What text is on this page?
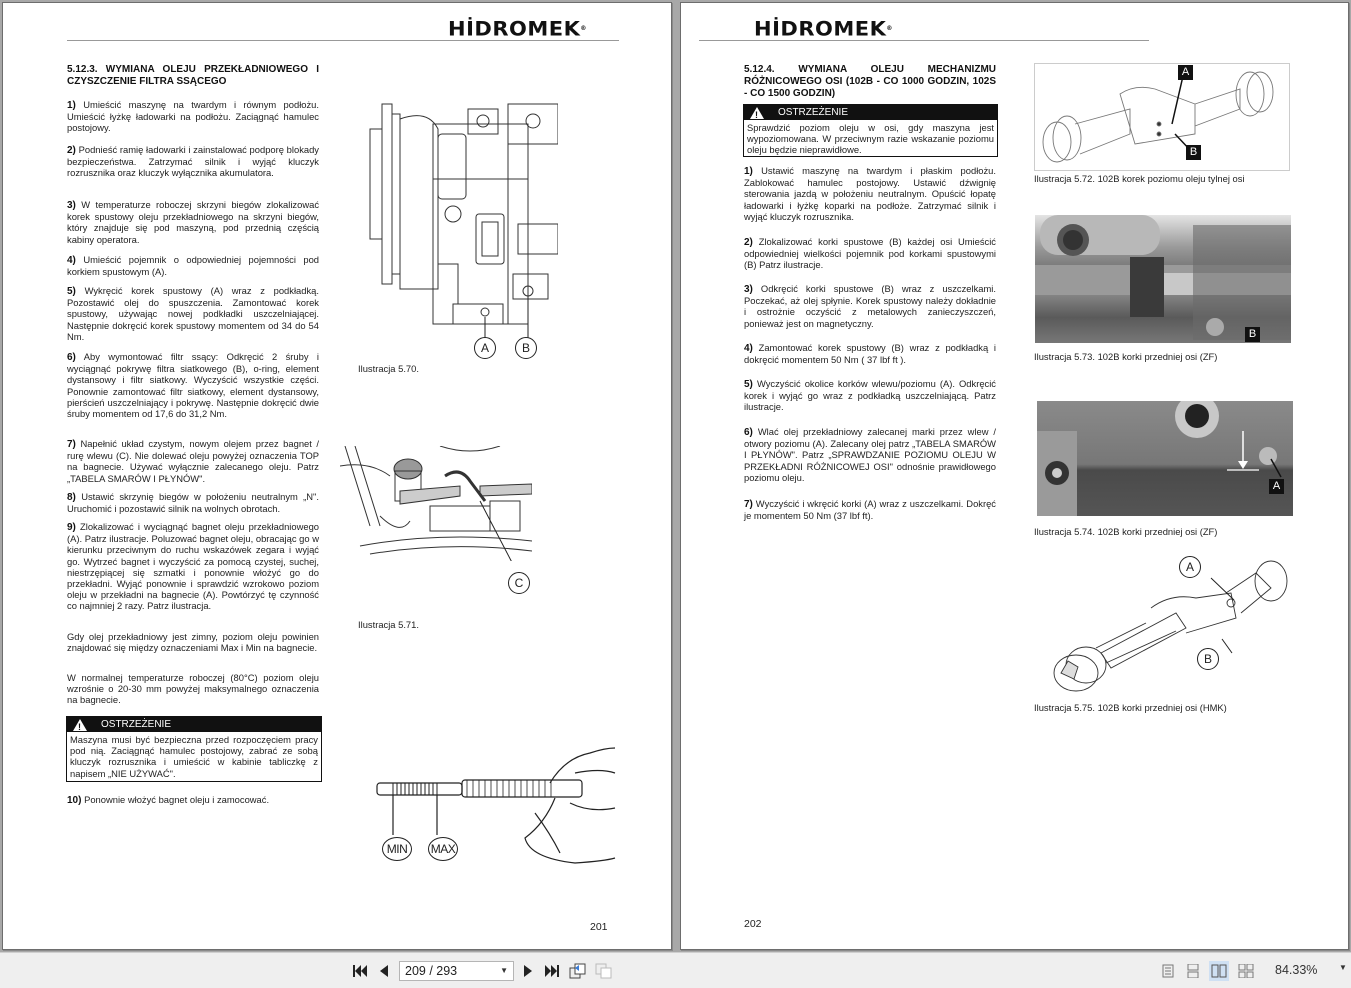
HİDROMEK®
5.12.3. WYMIANA OLEJU PRZEKŁADNIOWEGO I CZYSZCZENIE FILTRA SSĄCEGO
1) Umieścić maszynę na twardym i równym podłożu. Umieścić łyżkę ładowarki na podłożu. Zaciągnąć hamulec postojowy.
2) Podnieść ramię ładowarki i zainstalować podporę blokady bezpieczeństwa. Zatrzymać silnik i wyjąć kluczyk rozrusznika oraz kluczyk wyłącznika akumulatora.
3) W temperaturze roboczej skrzyni biegów zlokalizować korek spustowy oleju przekładniowego na skrzyni biegów, który znajduje się pod maszyną, pod przednią częścią kabiny operatora.
4) Umieścić pojemnik o odpowiedniej pojemności pod korkiem spustowym (A).
5) Wykręcić korek spustowy (A) wraz z podkładką. Pozostawić olej do spuszczenia. Zamontować korek spustowy, używając nowej podkładki uszczelniającej. Następnie dokręcić korek spustowy momentem od 34 do 54 Nm.
6) Aby wymontować filtr ssący: Odkręcić 2 śruby i wyciągnąć pokrywę filtra siatkowego (B), o-ring, element dystansowy i filtr siatkowy. Wyczyścić wszystkie części. Ponownie zamontować filtr siatkowy, element dystansowy, pierścień uszczelniający i pokrywę. Następnie dokręcić dwie śruby momentem od 17,6 do 31,2 Nm.
7) Napełnić układ czystym, nowym olejem przez bagnet / rurę wlewu (C). Nie dolewać oleju powyżej oznaczenia TOP na bagnecie. Używać wyłącznie zalecanego oleju. Patrz „TABELA SMARÓW I PŁYNÓW".
8) Ustawić skrzynię biegów w położeniu neutralnym „N". Uruchomić i pozostawić silnik na wolnych obrotach.
9) Zlokalizować i wyciągnąć bagnet oleju przekładniowego (A). Patrz ilustracje. Poluzować bagnet oleju, obracając go w kierunku przeciwnym do ruchu wskazówek zegara i wyjąć go. Wytrzeć bagnet i wyczyścić za pomocą czystej, suchej, niestrzępiącej się szmatki i ponownie włożyć go do przekładni. Wyjąć ponownie i sprawdzić wzrokowo poziom oleju w przekładni na bagnecie (A). Powtórzyć tę czynność co najmniej 2 razy. Patrz ilustracja.
Gdy olej przekładniowy jest zimny, poziom oleju powinien znajdować się między oznaczeniami Max i Min na bagnecie.
W normalnej temperaturze roboczej (80°C) poziom oleju wzrośnie o 20-30 mm powyżej maksymalnego oznaczenia na bagnecie.
!
OSTRZEŻENIE
Maszyna musi być bezpieczna przed rozpoczęciem pracy pod nią. Zaciągnąć hamulec postojowy, zabrać ze sobą kluczyk rozrusznika i umieścić w kabinie tabliczkę z napisem „NIE UŻYWAĆ".
10) Ponownie włożyć bagnet oleju i zamocować.
A	B
Ilustracja 5.70.
C
Ilustracja 5.71.
MIN	MAX
201
HİDROMEK®
5.12.4. WYMIANA OLEJU MECHANIZMU RÓŻNICOWEGO OSI (102B - CO 1000 GODZIN, 102S - CO 1500 GODZIN)
!
OSTRZEŻENIE
Sprawdzić poziom oleju w osi, gdy maszyna jest wypoziomowana. W przeciwnym razie wskazanie poziomu oleju będzie nieprawidłowe.
1) Ustawić maszynę na twardym i płaskim podłożu. Zablokować hamulec postojowy. Ustawić dźwignię sterowania jazdą w położeniu neutralnym. Opuścić łopatę ładowarki i łyżkę koparki na podłoże. Zatrzymać silnik i wyjąć kluczyk rozrusznika.
2) Zlokalizować korki spustowe (B) każdej osi Umieścić odpowiedniej wielkości pojemnik pod korkami spustowymi (B) Patrz ilustracje.
3) Odkręcić korki spustowe (B) wraz z uszczelkami. Poczekać, aż olej spłynie. Korek spustowy należy dokładnie i ostrożnie oczyścić z metalowych zanieczyszczeń, ponieważ jest on magnetyczny.
4) Zamontować korek spustowy (B) wraz z podkładką i dokręcić momentem 50 Nm ( 37 lbf ft ).
5) Wyczyścić okolice korków wlewu/poziomu (A). Odkręcić korek i wyjąć go wraz z podkładką uszczelniającą. Patrz ilustracje.
6) Wlać olej przekładniowy zalecanej marki przez wlew / otwory poziomu (A). Zalecany olej patrz „TABELA SMARÓW I PŁYNÓW". Patrz „SPRAWDZANIE POZIOMU OLEJU W PRZEKŁADNI RÓŻNICOWEJ OSI" odnośnie prawidłowego poziomu oleju.
7) Wyczyścić i wkręcić korki (A) wraz z uszczelkami. Dokręć je momentem 50 Nm (37 lbf ft).
A
B
Ilustracja 5.72. 102B korek poziomu oleju tylnej osi
B
Ilustracja 5.73. 102B korki przedniej osi (ZF)
A
Ilustracja 5.74. 102B korki przedniej osi (ZF)
A
B
Ilustracja 5.75. 102B korki przedniej osi (HMK)
202
209 / 293	▼	84.33%	▼
